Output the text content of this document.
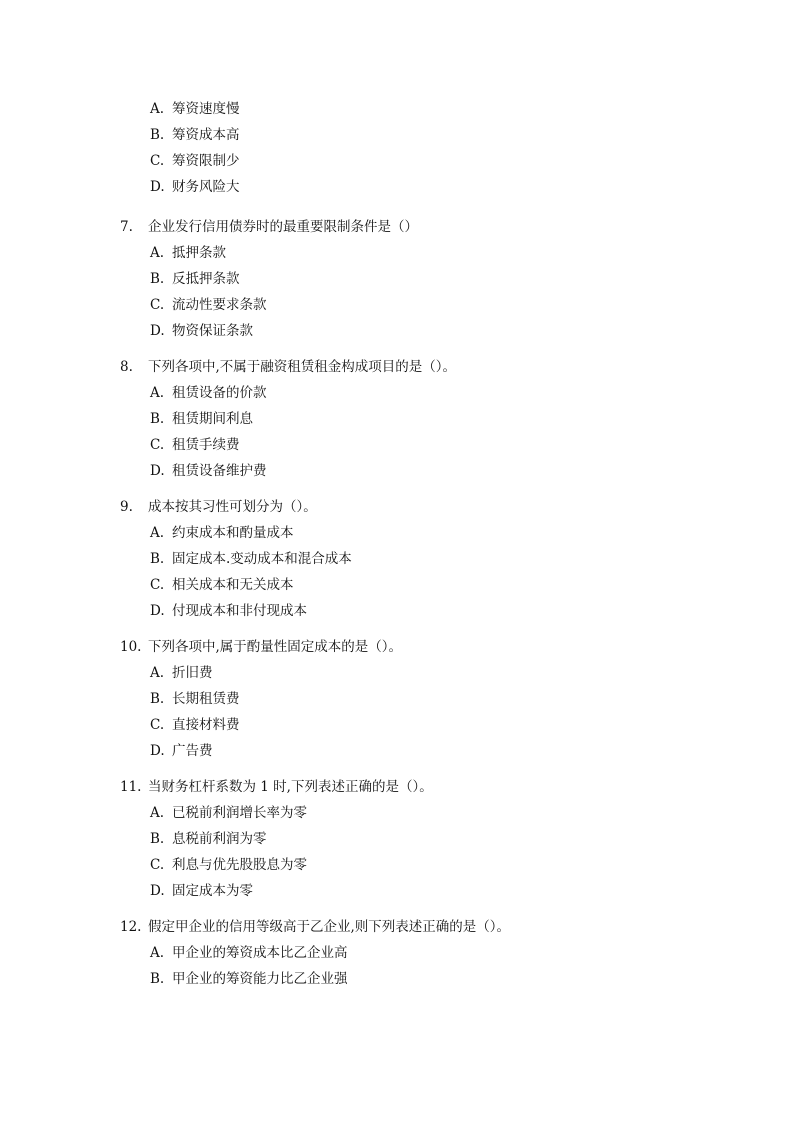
A. 筹资速度慢
B. 筹资成本高
C. 筹资限制少
D. 财务风险大
7. 企业发行信用债券时的最重要限制条件是（）
A. 抵押条款
B. 反抵押条款
C. 流动性要求条款
D. 物资保证条款
8. 下列各项中,不属于融资租赁租金构成项目的是（）。
A. 租赁设备的价款
B. 租赁期间利息
C. 租赁手续费
D. 租赁设备维护费
9. 成本按其习性可划分为（）。
A. 约束成本和酌量成本
B. 固定成本.变动成本和混合成本
C. 相关成本和无关成本
D. 付现成本和非付现成本
10. 下列各项中,属于酌量性固定成本的是（）。
A. 折旧费
B. 长期租赁费
C. 直接材料费
D. 广告费
11. 当财务杠杆系数为 1 时,下列表述正确的是（）。
A. 已税前利润增长率为零
B. 息税前利润为零
C. 利息与优先股股息为零
D. 固定成本为零
12. 假定甲企业的信用等级高于乙企业,则下列表述正确的是（）。
A. 甲企业的筹资成本比乙企业高
B. 甲企业的筹资能力比乙企业强
